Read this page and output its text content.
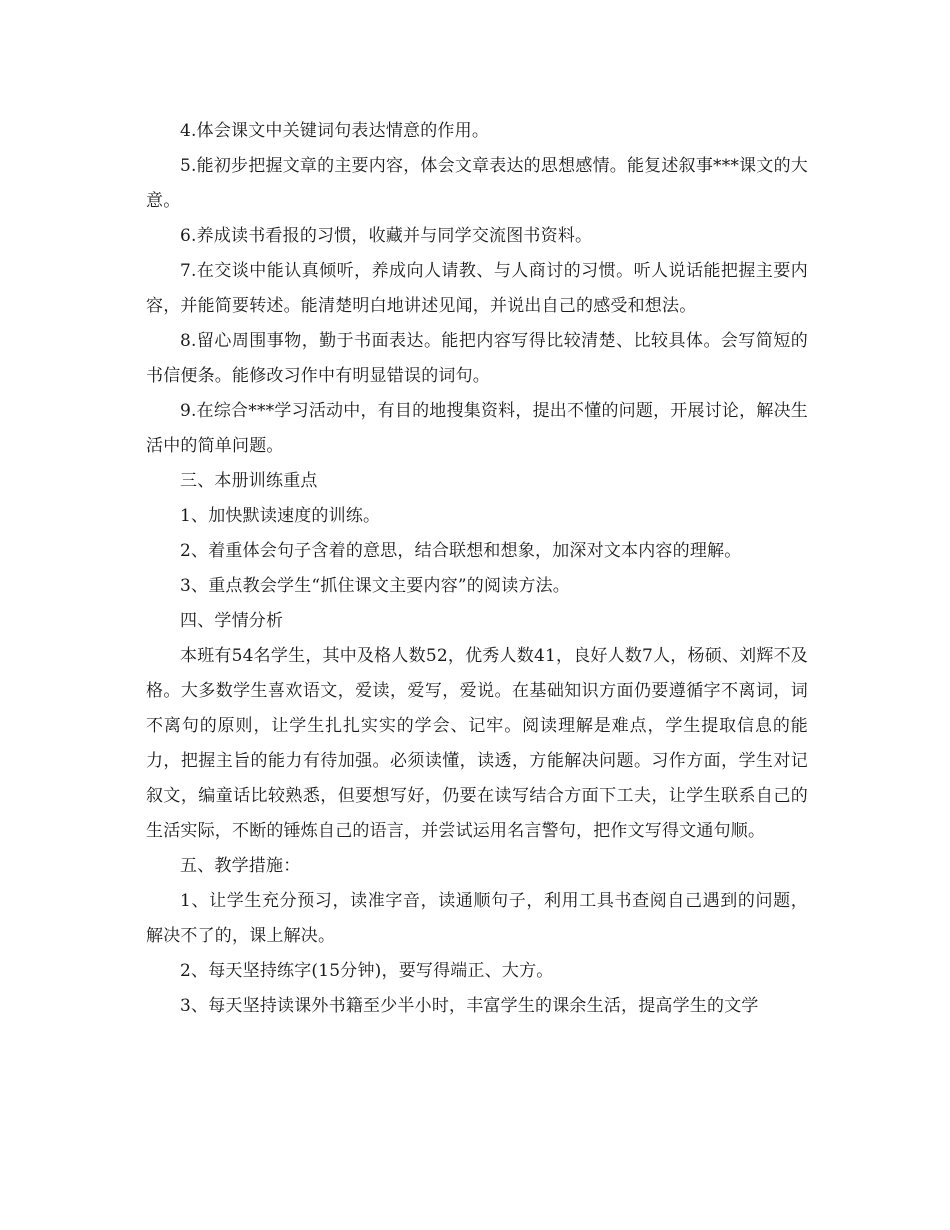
4.体会课文中关键词句表达情意的作用。

5.能初步把握文章的主要内容，体会文章表达的思想感情。能复述叙事***课文的大意。

6.养成读书看报的习惯，收藏并与同学交流图书资料。

7.在交谈中能认真倾听，养成向人请教、与人商讨的习惯。听人说话能把握主要内容，并能简要转述。能清楚明白地讲述见闻，并说出自己的感受和想法。

8.留心周围事物，勤于书面表达。能把内容写得比较清楚、比较具体。会写简短的书信便条。能修改习作中有明显错误的词句。

9.在综合***学习活动中，有目的地搜集资料，提出不懂的问题，开展讨论，解决生活中的简单问题。

三、本册训练重点

1、加快默读速度的训练。

2、着重体会句子含着的意思，结合联想和想象，加深对文本内容的理解。

3、重点教会学生“抓住课文主要内容”的阅读方法。

四、学情分析

本班有54名学生，其中及格人数52，优秀人数41，良好人数7人，杨硕、刘辉不及格。大多数学生喜欢语文，爱读，爱写，爱说。在基础知识方面仍要遵循字不离词，词不离句的原则，让学生扎扎实实的学会、记牢。阅读理解是难点，学生提取信息的能力，把握主旨的能力有待加强。必须读懂，读透，方能解决问题。习作方面，学生对记叙文，编童话比较熟悉，但要想写好，仍要在读写结合方面下工夫，让学生联系自己的生活实际，不断的锤炼自己的语言，并尝试运用名言警句，把作文写得文通句顺。

五、教学措施：

1、让学生充分预习，读准字音，读通顺句子，利用工具书查阅自己遇到的问题，解决不了的，课上解决。

2、每天坚持练字(15分钟)，要写得端正、大方。

3、每天坚持读课外书籍至少半小时，丰富学生的课余生活，提高学生的文学
